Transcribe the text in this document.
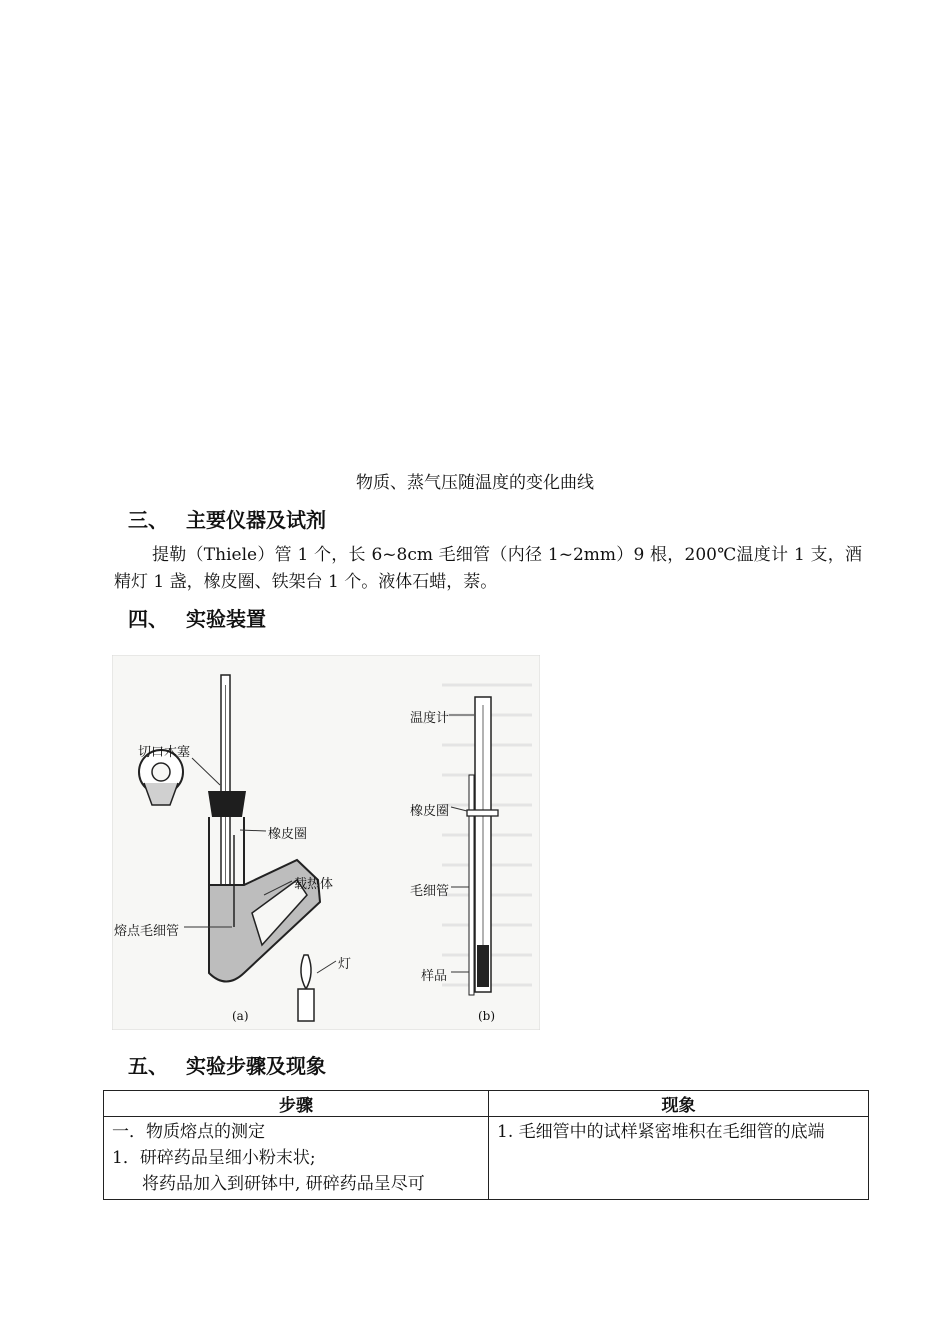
物质、蒸气压随温度的变化曲线
三、 主要仪器及试剂
提勒（Thiele）管 1 个，长 6~8cm 毛细管（内径 1~2mm）9 根，200℃温度计 1 支，酒精灯 1 盏，橡皮圈、铁架台 1 个。液体石蜡，萘。
四、 实验装置
切口木塞
橡皮圈
载热体
熔点毛细管
灯
(a)
温度计
橡皮圈
毛细管
样品
(b)
五、 实验步骤及现象
步骤	现象

一．物质熔点的测定
1．研碎药品呈细小粉末状;
将药品加入到研钵中, 研碎药品呈尽可	1. 毛细管中的试样紧密堆积在毛细管的底端
